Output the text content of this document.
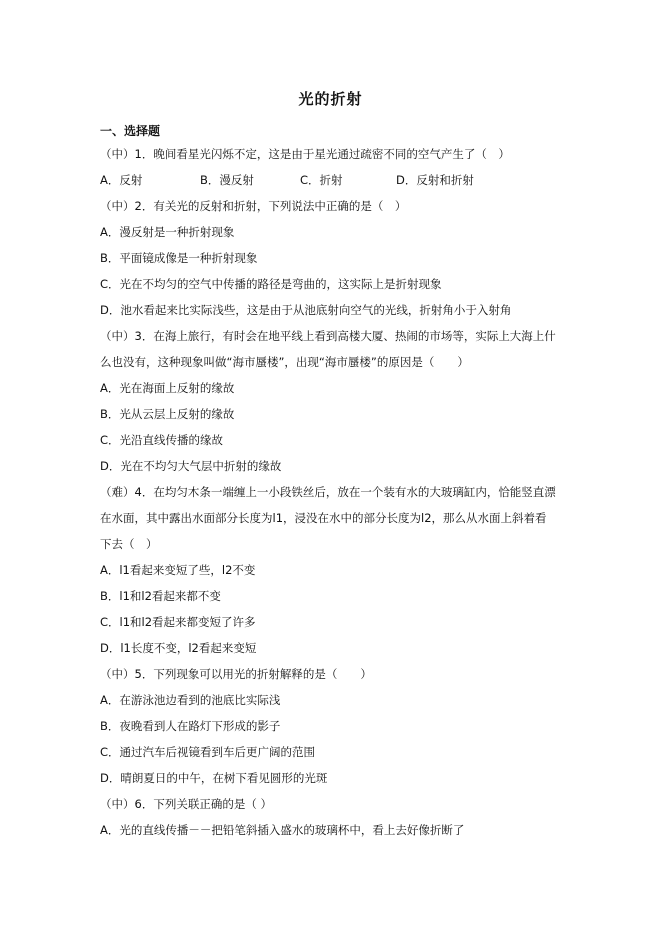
光的折射
一、选择题
（中）1．晚间看星光闪烁不定，这是由于星光通过疏密不同的空气产生了（　）
A．反射	B．漫反射	C．折射	D．反射和折射
（中）2．有关光的反射和折射，下列说法中正确的是（　）
A．漫反射是一种折射现象
B．平面镜成像是一种折射现象
C．光在不均匀的空气中传播的路径是弯曲的，这实际上是折射现象
D．池水看起来比实际浅些，这是由于从池底射向空气的光线，折射角小于入射角
（中）3．在海上旅行，有时会在地平线上看到高楼大厦、热闹的市场等，实际上大海上什
么也没有，这种现象叫做“海市蜃楼”，出现“海市蜃楼”的原因是（　　）
A．光在海面上反射的缘故
B．光从云层上反射的缘故
C．光沿直线传播的缘故
D．光在不均匀大气层中折射的缘故
（难）4．在均匀木条一端缠上一小段铁丝后，放在一个装有水的大玻璃缸内，恰能竖直漂
在水面，其中露出水面部分长度为l1，浸没在水中的部分长度为l2，那么从水面上斜着看
下去（　）
A．l1看起来变短了些，l2不变
B．l1和l2看起来都不变
C．l1和l2看起来都变短了许多
D．l1长度不变，l2看起来变短
（中）5．下列现象可以用光的折射解释的是（　　）
A．在游泳池边看到的池底比实际浅
B．夜晚看到人在路灯下形成的影子
C．通过汽车后视镜看到车后更广阔的范围
D．晴朗夏日的中午，在树下看见圆形的光斑
（中）6．下列关联正确的是（ ）
A．光的直线传播－－把铅笔斜插入盛水的玻璃杯中，看上去好像折断了
